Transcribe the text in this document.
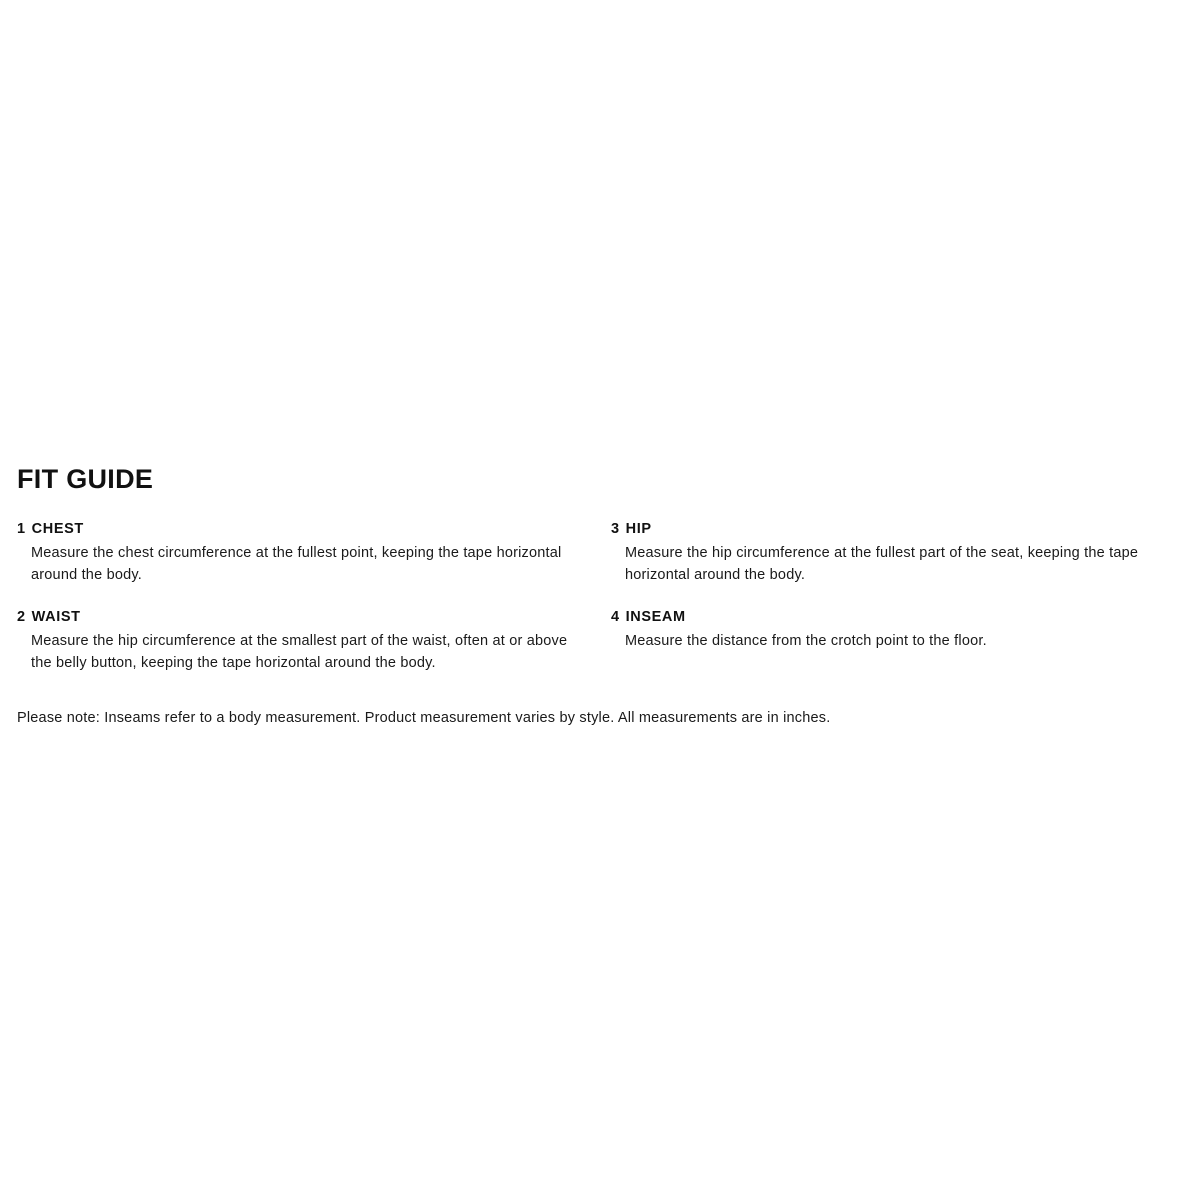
FIT GUIDE
1 CHEST
Measure the chest circumference at the fullest point, keeping the tape horizontal around the body.
2 WAIST
Measure the hip circumference at the smallest part of the waist, often at or above the belly button, keeping the tape horizontal around the body.
3 HIP
Measure the hip circumference at the fullest part of the seat, keeping the tape horizontal around the body.
4 INSEAM
Measure the distance from the crotch point to the floor.
Please note: Inseams refer to a body measurement. Product measurement varies by style. All measurements are in inches.
